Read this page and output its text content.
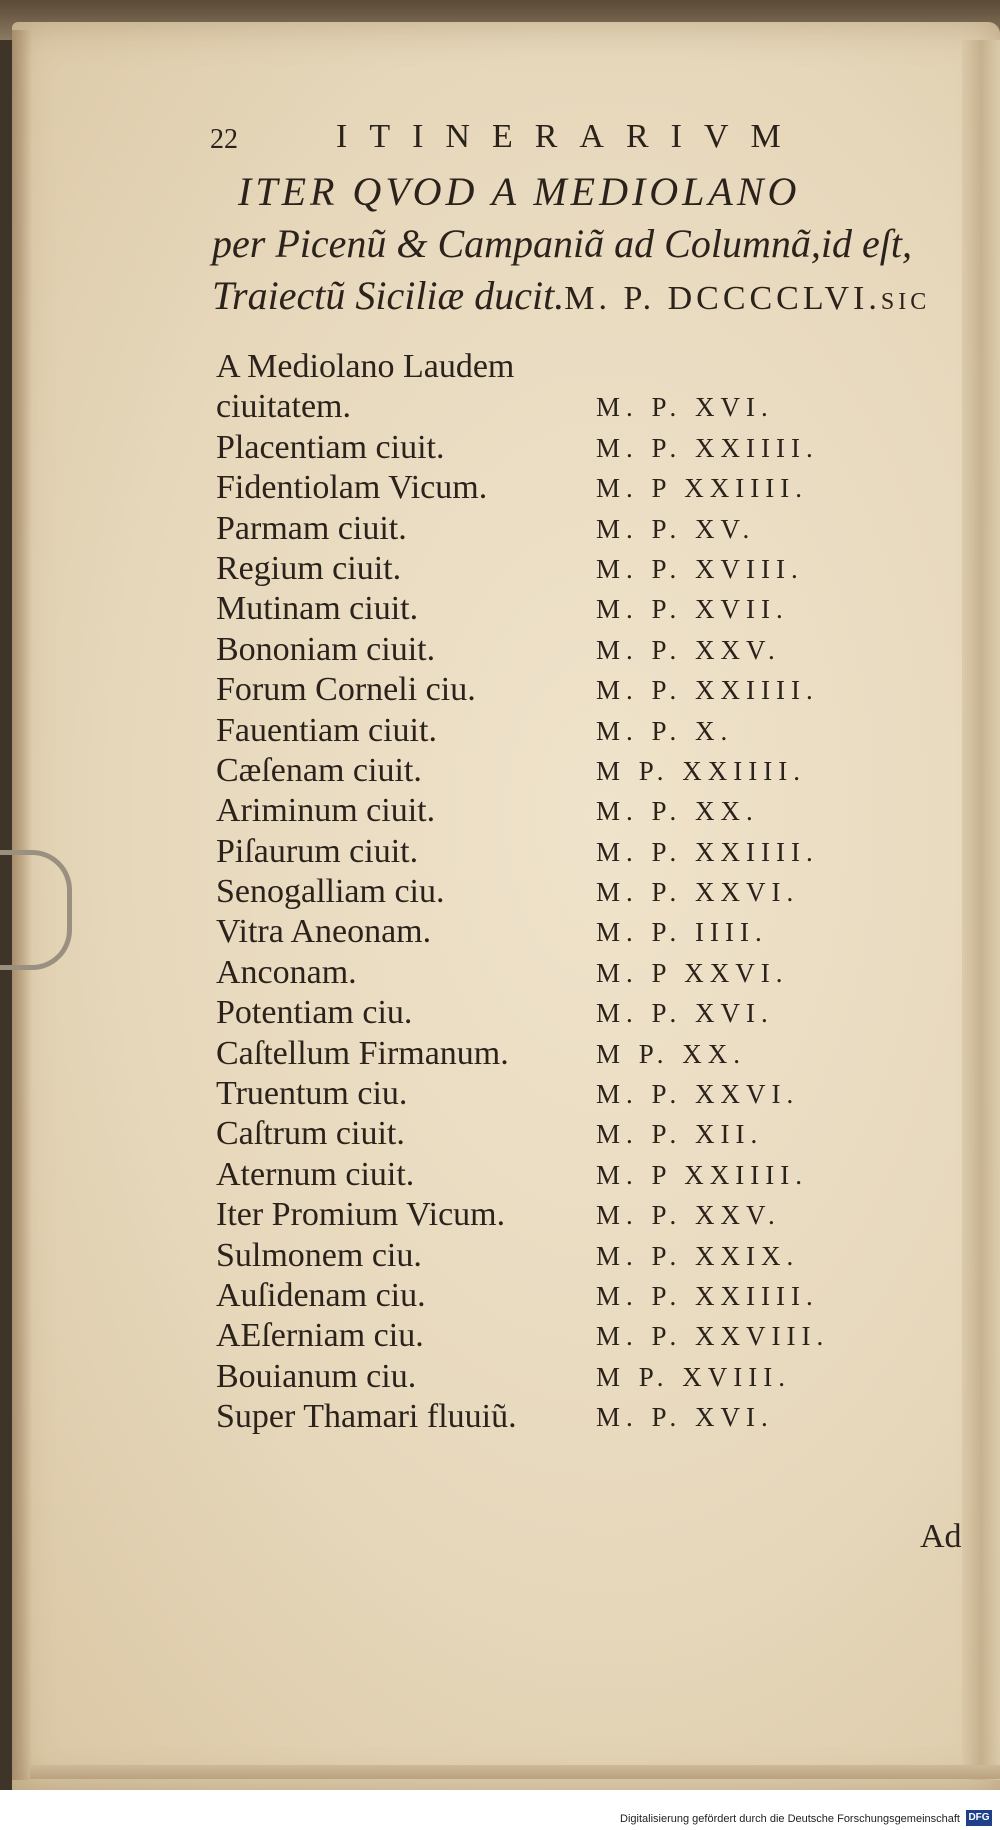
22	ITINERARIVM
ITER QVOD A MEDIOLANO
per Picenũ & Campaniã ad Columnã,id eſt,
Traiectũ Siciliæ ducit.M. P. DCCCCLVI.ſic
A Mediolano Laudem
ciuitatem.	M. P. XVI.
Placentiam ciuit.	M. P. XXIIII.
Fidentiolam Vicum.	M. P XXIIII.
Parmam ciuit.	M. P. XV.
Regium ciuit.	M. P. XVIII.
Mutinam ciuit.	M. P. XVII.
Bononiam ciuit.	M. P. XXV.
Forum Corneli ciu.	M. P. XXIIII.
Fauentiam ciuit.	M. P. X.
Cæſenam ciuit.	M P. XXIIII.
Ariminum ciuit.	M. P. XX.
Piſaurum ciuit.	M. P. XXIIII.
Senogalliam ciu.	M. P. XXVI.
Vitra Aneonam.	M. P. IIII.
Anconam.	M. P XXVI.
Potentiam ciu.	M. P. XVI.
Caſtellum Firmanum.	M P. XX.
Truentum ciu.	M. P. XXVI.
Caſtrum ciuit.	M. P. XII.
Aternum ciuit.	M. P XXIIII.
Iter Promium Vicum.	M. P. XXV.
Sulmonem ciu.	M. P. XXIX.
Auſidenam ciu.	M. P. XXIIII.
AEſerniam ciu.	M. P. XXVIII.
Bouianum ciu.	M P. XVIII.
Super Thamari fluuiũ.	M. P. XVI.
Ad
Digitalisierung gefördert durch die Deutsche Forschungsgemeinschaft DFG
